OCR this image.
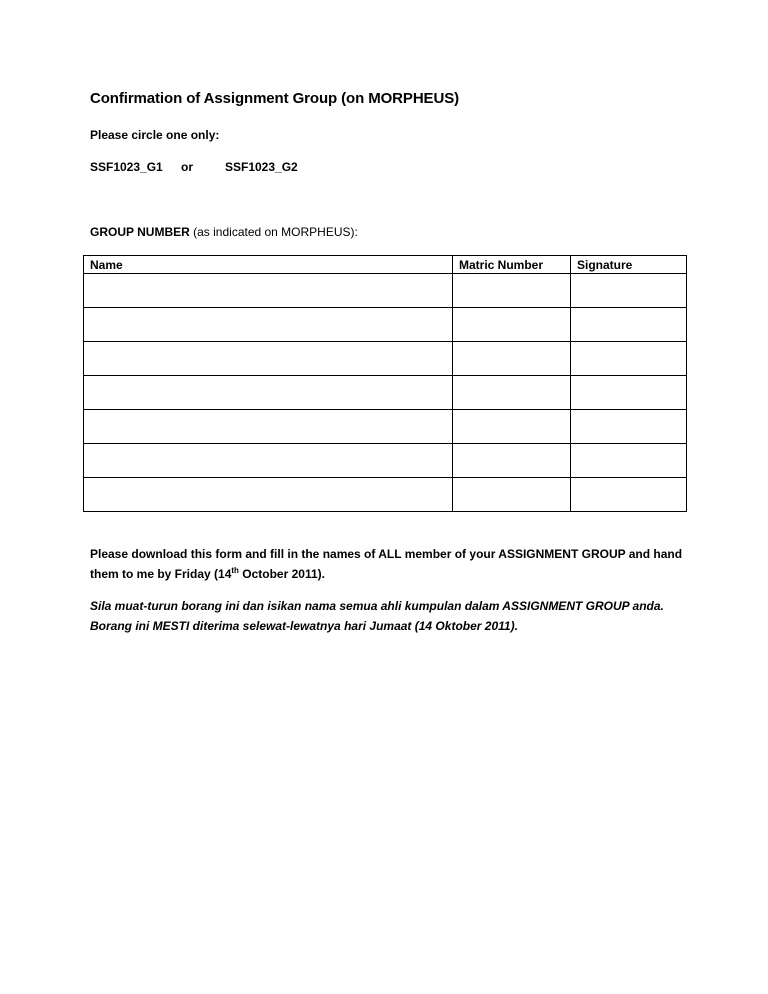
Confirmation of Assignment Group (on MORPHEUS)
Please circle one only:
SSF1023_G1 or	SSF1023_G2
GROUP NUMBER (as indicated on MORPHEUS):
Name	Matric Number	Signature

Please download this form and fill in the names of ALL member of your ASSIGNMENT GROUP and hand them to me by Friday (14th October 2011).
Sila muat-turun borang ini dan isikan nama semua ahli kumpulan dalam ASSIGNMENT GROUP anda.
Borang ini MESTI diterima selewat-lewatnya hari Jumaat (14 Oktober 2011).
